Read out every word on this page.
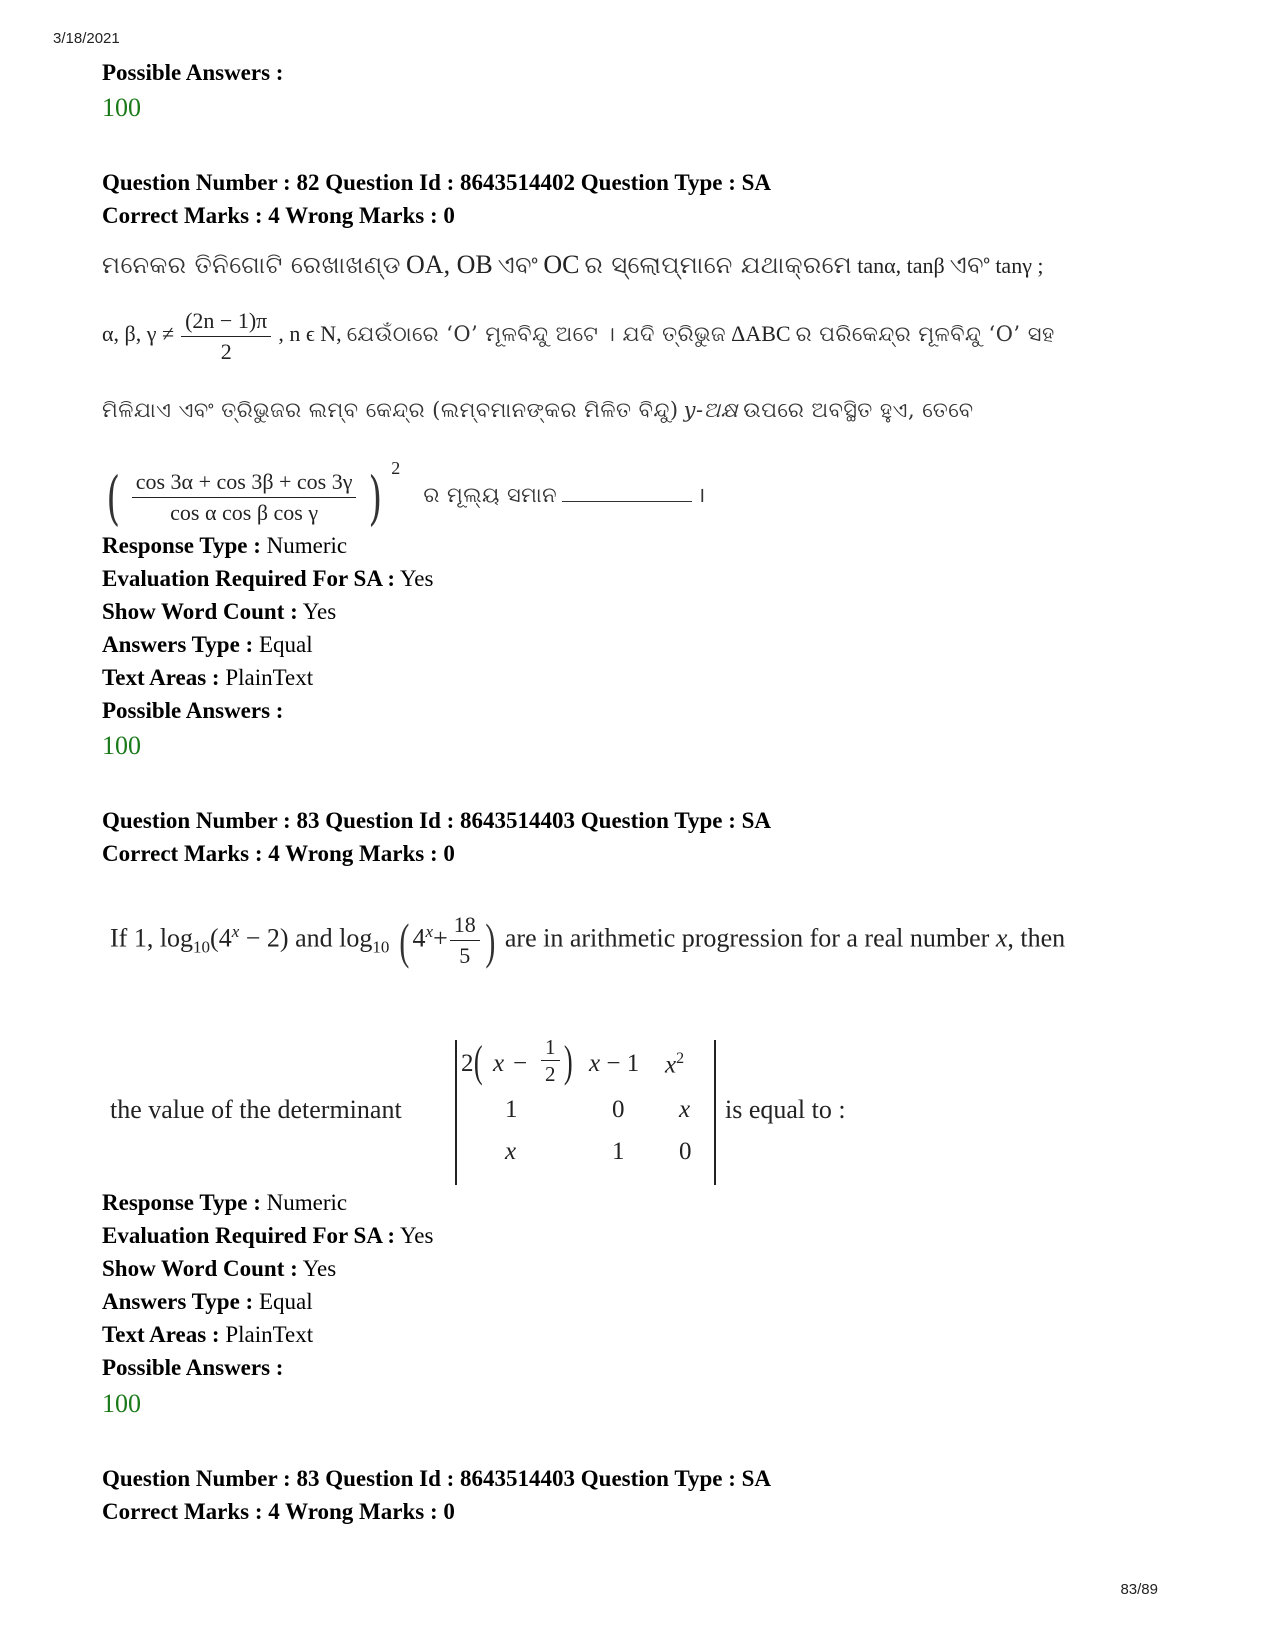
3/18/2021
Possible Answers :
100
Question Number : 82 Question Id : 8643514402 Question Type : SA
Correct Marks : 4 Wrong Marks : 0
ମନେକର ତିନିଗୋଟି ରେଖାଖଣ୍ଡ OA, OB ଏବଂ OC ର ସ୍ଲୋପ୍‌ମାନେ ଯଥାକ୍ରମେ tanα, tanβ ଏବଂ tanγ ;
α, β, $\gamma \ne \frac{(2n - 1)\pi}{2}$ , n ϵ N, ଯେଉଁଠାରେ ‘O’ ମୂଳବିନ୍ଦୁ ଅଟେ । ଯଦି ତ୍ରିଭୁଜ ΔABC ର ପରିକେନ୍ଦ୍ର ମୂଳବିନ୍ଦୁ ‘O’ ସହ
ମିଳିଯାଏ ଏବଂ ତ୍ରିଭୁଜର ଲମ୍ବ କେନ୍ଦ୍ର (ଲମ୍ବମାନଙ୍କର ମିଳିତ ବିନ୍ଦୁ) y-ଅକ୍ଷ ଉପରେ ଅବସ୍ଥିତ ହୁଏ, ତେବେ
( $\frac{\cos 3\alpha + \cos 3\beta + \cos 3\gamma}{\text{cos α cos β cos γ}}$ ) $^2$ ର ମୂଲ୍ୟ ସମାନ	।
Response Type : Numeric
Evaluation Required For SA : Yes
Show Word Count : Yes
Answers Type : Equal
Text Areas : PlainText
Possible Answers :
100
Question Number : 83 Question Id : 8643514403 Question Type : SA
Correct Marks : 4 Wrong Marks : 0
If 1, $\log_{10}(4^x - 2)$ and $\log_{10}$ ( $4^x+ \frac{18}{5}$ ) are in arithmetic progression for a real number x, then
the value of the determinant
2 ( $x - \frac{1}{2}$ ) x − 1 $x^2$
1	0 x
x	1 0
is equal to :
Response Type : Numeric
Evaluation Required For SA : Yes
Show Word Count : Yes
Answers Type : Equal
Text Areas : PlainText
Possible Answers :
100
Question Number : 83 Question Id : 8643514403 Question Type : SA
Correct Marks : 4 Wrong Marks : 0
83/89
